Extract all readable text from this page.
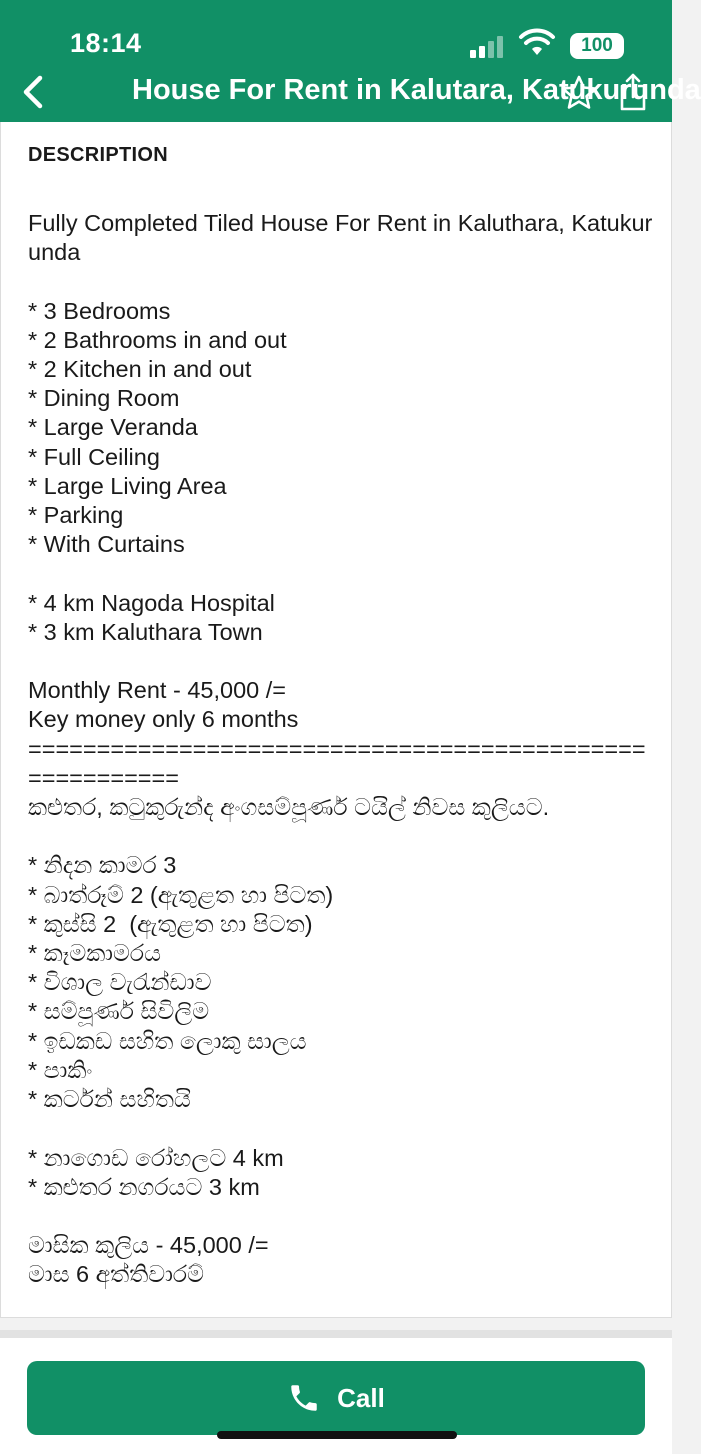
18:14	100
House For Rent in Kalutara, Katukurunda
DESCRIPTION
Fully Completed Tiled House For Rent in Kaluthara, Katukurunda

* 3 Bedrooms
* 2 Bathrooms in and out
* 2 Kitchen in and out
* Dining Room
* Large Veranda
* Full Ceiling
* Large Living Area
* Parking
* With Curtains

* 4 km Nagoda Hospital
* 3 km Kaluthara Town

Monthly Rent - 45,000 /=
Key money only 6 months
========================================================
කළුතර, කටුකුරුන්ද අංගසම්පූර්ණ ටයිල් නිවස කුලියට.

* නිදන කාමර 3
* බාත්රූම් 2 (ඇතුළත හා පිටත)
* කුස්සි 2  (ඇතුළත හා පිටත)
* කෑමකාමරය
* විශාල වැරැන්ඩාව
* සම්පූර්ණ සිවිලිම
* ඉඩකඩ සහිත ලොකු සාලය
* පාකිං
* කර්ටන් සහිතයි

* නාගොඩ රෝහලට 4 km
* කළුතර නගරයට 3 km

මාසික කුලිය - 45,000 /=
මාස 6 අත්තිවාරම්
Call
